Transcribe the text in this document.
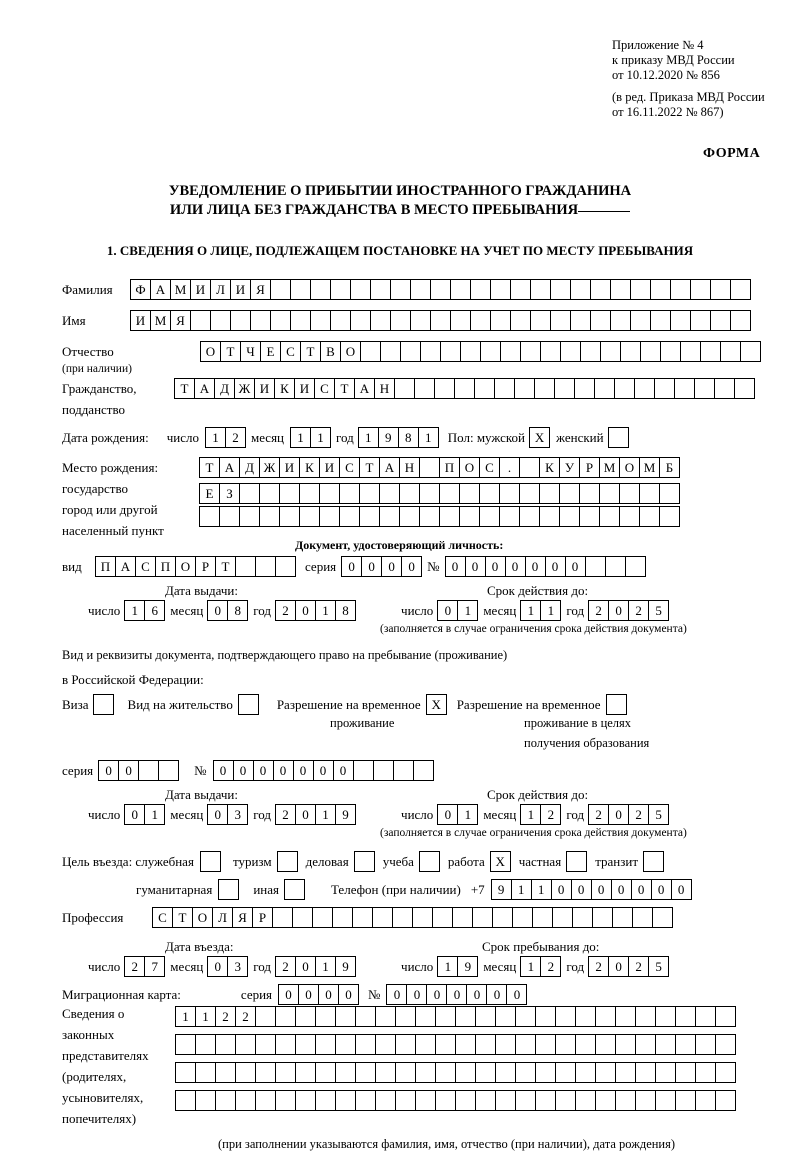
Приложение № 4
к приказу МВД России
от 10.12.2020 № 856
(в ред. Приказа МВД России
от 16.11.2022 № 867)
ФОРМА
УВЕДОМЛЕНИЕ О ПРИБЫТИИ ИНОСТРАННОГО ГРАЖДАНИНА
ИЛИ ЛИЦА БЕЗ ГРАЖДАНСТВА В МЕСТО ПРЕБЫВАНИЯ
1. СВЕДЕНИЯ О ЛИЦЕ, ПОДЛЕЖАЩЕМ ПОСТАНОВКЕ НА УЧЕТ ПО МЕСТУ ПРЕБЫВАНИЯ
Фамилия	Ф А М И Л И Я
Имя	И М Я
Отчество	О Т Ч Е С Т В О
(при наличии)
Гражданство,	Т А Д Ж И К И С Т А Н
подданство
Дата рождения: число	1	2 месяц	1	1 год 1	9	8	1	Пол: мужской X женский
Место рождения:	Т А Д Ж И К И С Т А Н	П О С	.	К У Р М О М Б
государство	Е З
город или другой
населенный пункт
Документ, удостоверяющий личность:
вид	П А С П О Р Т	серия 0	0	0	0 № 0	0	0	0	0	0	0
Дата выдачи:	Срок действия до:
число 1	6 месяц 0	8 год 2	0	1	8	число 0	1 месяц 1	1 год 2	0	2	5
(заполняется в случае ограничения срока действия документа)
Вид и реквизиты документа, подтверждающего право на пребывание (проживание)
в Российской Федерации:
Виза	Вид на жительство	Разрешение на временное X	Разрешение на временное
проживание	проживание в целях
получения образования
серия 0	0	№	0	0	0	0	0	0	0
Дата выдачи:	Срок действия до:
число 0	1 месяц 0	3 год 2	0	1	9	число 0	1 месяц 1	2 год 2	0	2	5
(заполняется в случае ограничения срока действия документа)
Цель въезда: служебная	туризм	деловая	учеба	работа X	частная	транзит
гуманитарная	иная	Телефон (при наличии) +7	9	1	1	0	0	0	0	0	0	0
Профессия	С Т О Л Я Р
Дата въезда:	Срок пребывания до:
число 2	7 месяц 0	3 год 2	0	1	9	число 1	9 месяц 1	2 год 2	0	2	5
Миграционная карта:	серия	0	0	0	0	№	0	0	0	0	0	0	0
Сведения о
законных
представителях
(родителях,
усыновителях,
попечителях)
1	1	2	2
(при заполнении указываются фамилия, имя, отчество (при наличии), дата рождения)
